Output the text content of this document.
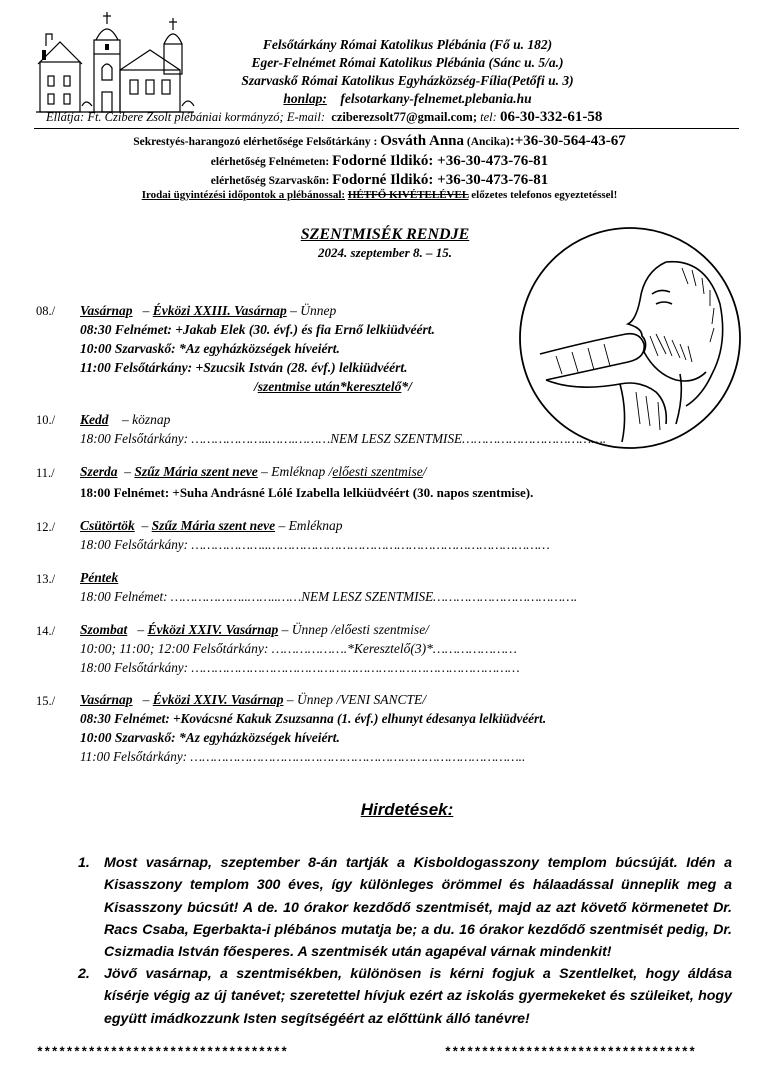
Felsőtárkány Római Katolikus Plébánia (Fő u. 182)
Eger-Felnémet Római Katolikus Plébánia (Sánc u. 5/a.)
Szarvaskő Római Katolikus Egyházközség-Fília(Petőfi u. 3)
honlap: felsotarkany-felnemet.plebania.hu
Ellátja: Ft. Czibere Zsolt plébániai kormányzó; E-mail: cziberezsolt77@gmail.com; tel: 06-30-332-61-58
Sekrestyés-harangozó elérhetősége Felsőtárkány : Osváth Anna (Ancika):+36-30-564-43-67
elérhetőség Felnémeten: Fodorné Ildikó: +36-30-473-76-81
elérhetőség Szarvaskőn: Fodorné Ildikó: +36-30-473-76-81
Irodai ügyintézési időpontok a plébánossal: HÉTFŐ KIVÉTELÉVEL előzetes telefonos egyeztetéssel!
SZENTMISÉK RENDJE
2024. szeptember 8. – 15.
08./ Vasárnap   – Évközi XXIII. Vasárnap – Ünnep
08:30 Felnémet: +Jakab Elek (30. évf.) és fia Ernő lelkiüdvéért.
10:00 Szarvaskő: *Az egyházközségek híveiért.
11:00 Felsőtárkány: +Szucsik István (28. évf.) lelkiüdvéért.
/szentmise után*keresztelő*/
10./ Kedd – köznap
18:00 Felsőtárkány: ………………..…….………NEM LESZ SZENTMISE……………………………….
11./ Szerda  – Szűz Mária szent neve – Emléknap /előesti szentmise/
18:00 Felnémet: +Suha Andrásné Lólé Izabella lelkiüdvéért (30. napos szentmise).
12./ Csütörtök  – Szűz Mária szent neve – Emléknap
18:00 Felsőtárkány: ………………..………………………………………………………………
13./ Péntek
18:00 Felnémet: ………………..……..……NEM LESZ SZENTMISE……………………………….
14./ Szombat   – Évközi XXIV. Vasárnap – Ünnep /előesti szentmise/
10:00; 11:00; 12:00 Felsőtárkány: ……………….*Keresztelő(3)*…………………
18:00 Felsőtárkány: …………………………………………………………………………
15./ Vasárnap   – Évközi XXIV. Vasárnap – Ünnep /VENI SANCTE/
08:30 Felnémet: +Kovácsné Kakuk Zsuzsanna (1. évf.) elhunyt édesanya lelkiüdvéért.
10:00 Szarvaskő: *Az egyházközségek híveiért.
11:00 Felsőtárkány: …………………………………………………………………………..
Hirdetések:
1. Most vasárnap, szeptember 8-án tartják a Kisboldogasszony templom búcsúját. Idén a Kisasszony templom 300 éves, így különleges örömmel és hálaadással ünneplik meg a Kisasszony búcsút! A de. 10 órakor kezdődő szentmisét, majd az azt követő körmenetet Dr. Racs Csaba, Egerbakta-i plébános mutatja be; a du. 16 órakor kezdődő szentmisét pedig, Dr. Csizmadia István főesperes. A szentmisék után agapéval várnak mindenkit!
2. Jövő vasárnap, a szentmisékben, különösen is kérni fogjuk a Szentlelket, hogy áldása kísérje végig az új tanévet; szeretettel hívjuk ezért az iskolás gyermekeket és szüleiket, hogy együtt imádkozzunk Isten segítségéért az előttünk álló tanévre!
**********************************	**********************************
